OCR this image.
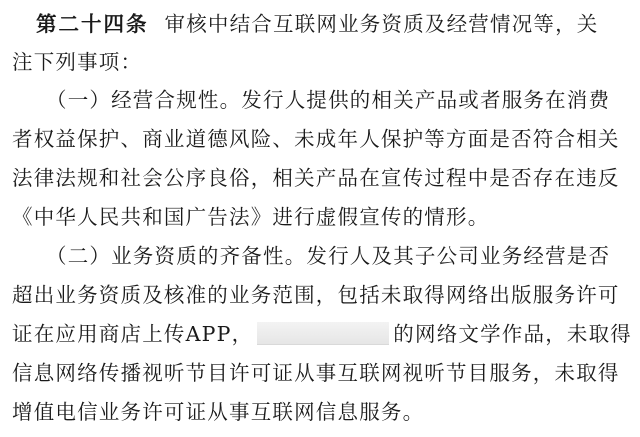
第二十四条 审核中结合互联网业务资质及经营情况等，关
注下列事项：
（一）经营合规性。发行人提供的相关产品或者服务在消费
者权益保护、商业道德风险、未成年人保护等方面是否符合相关
法律法规和社会公序良俗，相关产品在宣传过程中是否存在违反
《中华人民共和国广告法》进行虚假宣传的情形。
（二）业务资质的齐备性。发行人及其子公司业务经营是否
超出业务资质及核准的业务范围，包括未取得网络出版服务许可
证在应用商店上传APP，	的网络文学作品，未取得
信息网络传播视听节目许可证从事互联网视听节目服务，未取得
增值电信业务许可证从事互联网信息服务。
